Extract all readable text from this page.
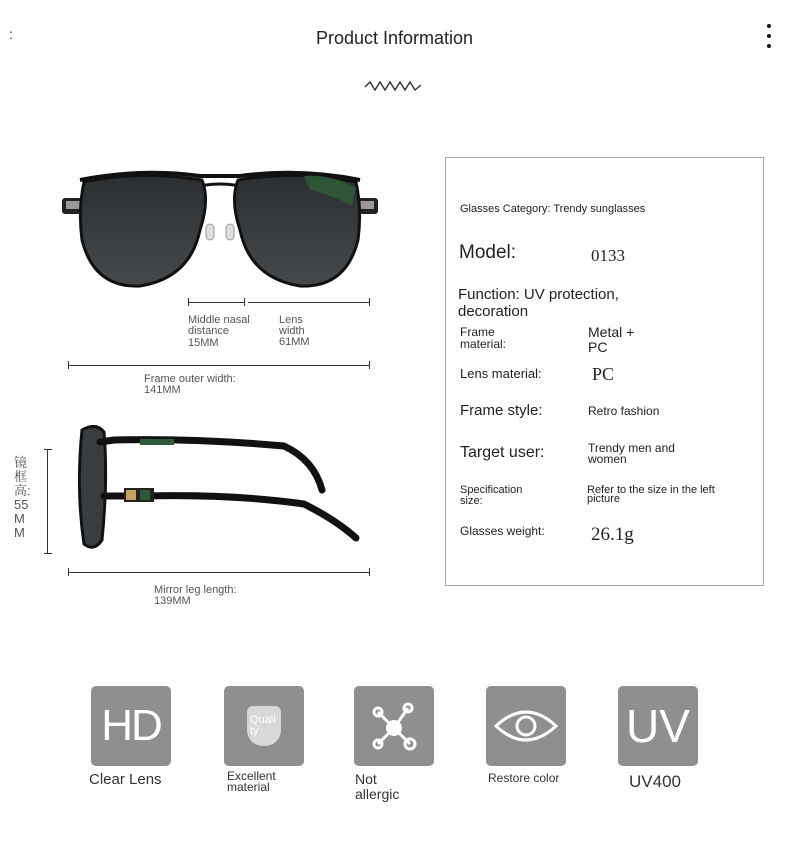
:	Product Information
Middle nasal distance
15MM
Lens width
61MM
Frame outer width:
141MM
镜框高:55MM
Mirror leg length:
139MM
Glasses Category: Trendy sunglasses
Model:	0133
Function: UV protection, decoration
Frame material:
Metal + PC
Lens material:	PC
Frame style:	Retro fashion
Target user:	Trendy men and women
Specification size:
Refer to the size in the left picture
Glasses weight: 26.1g
HD
Clear Lens
Quali ty
Excellent material	Not allergic
Restore color
UV
UV400
